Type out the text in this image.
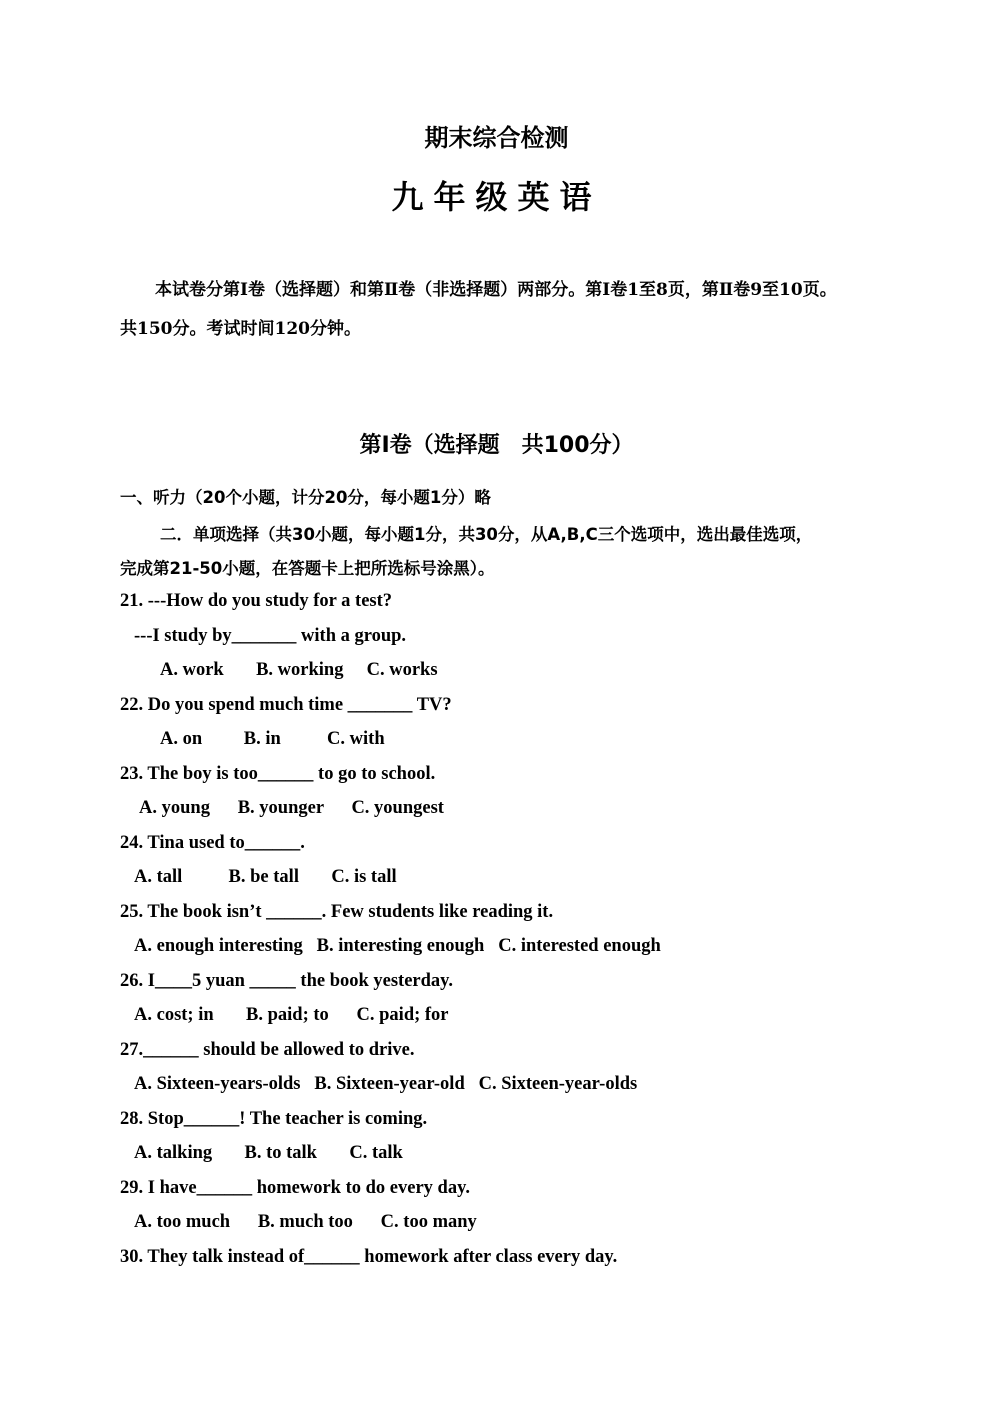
期末综合检测
九年级英语
本试卷分第Ⅰ卷（选择题）和第Ⅱ卷（非选择题）两部分。第Ⅰ卷1至8页，第Ⅱ卷9至10页。
共150分。考试时间120分钟。
第Ⅰ卷（选择题　共100分）
一、听力（20个小题，计分20分，每小题1分）略
二．单项选择（共30小题，每小题1分，共30分，从A,B,C三个选项中，选出最佳选项，
完成第21-50小题，在答题卡上把所选标号涂黑）。
21. ---How do you study for a test?
---I study by_______ with a group.
A. work       B. working     C. works
22. Do you spend much time _______ TV?
A. on         B. in          C. with
23. The boy is too______ to go to school.
A. young      B. younger      C. youngest
24. Tina used to______.
A. tall          B. be tall       C. is tall
25. The book isn’t ______. Few students like reading it.
A. enough interesting   B. interesting enough   C. interested enough
26. I____5 yuan _____ the book yesterday.
A. cost; in       B. paid; to      C. paid; for
27.______ should be allowed to drive.
A. Sixteen-years-olds   B. Sixteen-year-old   C. Sixteen-year-olds
28. Stop______! The teacher is coming.
A. talking       B. to talk       C. talk
29. I have______ homework to do every day.
A. too much      B. much too      C. too many
30. They talk instead of______ homework after class every day.
